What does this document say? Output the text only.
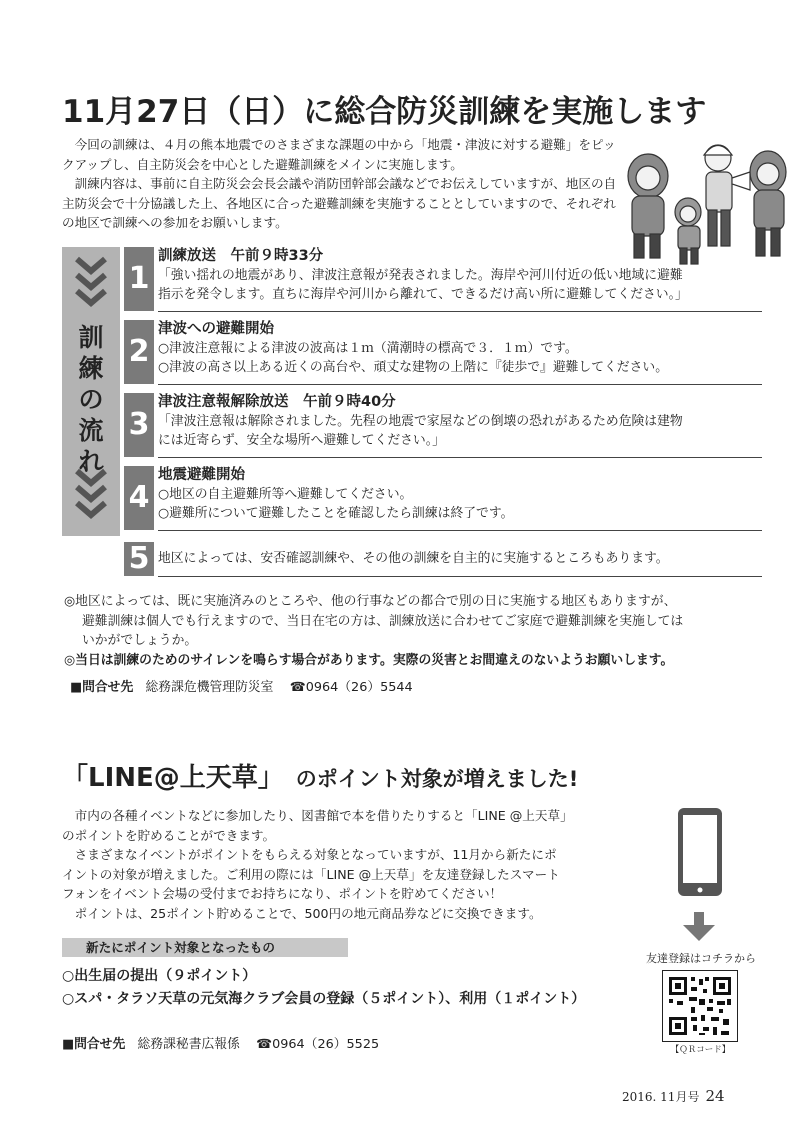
11月27日（日）に総合防災訓練を実施します

今回の訓練は、４月の熊本地震でのさまざまな課題の中から「地震・津波に対する避難」をピックアップし、自主防災会を中心とした避難訓練をメインに実施します。

訓練内容は、事前に自主防災会会長会議や消防団幹部会議などでお伝えしていますが、地区の自主防災会で十分協議した上、各地区に合った避難訓練を実施することとしていますので、それぞれの地区で訓練への参加をお願いします。

訓
練
の
流
れ
1
訓練放送　午前９時33分
「強い揺れの地震があり、津波注意報が発表されました。海岸や河川付近の低い地域に避難
指示を発令します。直ちに海岸や河川から離れて、できるだけ高い所に避難してください。」
2
津波への避難開始
○津波注意報による津波の波高は１ｍ（満潮時の標高で３．１ｍ）です。
○津波の高さ以上ある近くの高台や、頑丈な建物の上階に『徒歩で』避難してください。
3
津波注意報解除放送　午前９時40分
「津波注意報は解除されました。先程の地震で家屋などの倒壊の恐れがあるため危険は建物
には近寄らず、安全な場所へ避難してください。」
4
地震避難開始
○地区の自主避難所等へ避難してください。
○避難所について避難したことを確認したら訓練は終了です。
5 地区によっては、安否確認訓練や、その他の訓練を自主的に実施するところもあります。

◎地区によっては、既に実施済みのところや、他の行事などの都合で別の日に実施する地区もありますが、

避難訓練は個人でも行えますので、当日在宅の方は、訓練放送に合わせてご家庭で避難訓練を実施しては

いかがでしょうか。

◎当日は訓練のためのサイレンを鳴らす場合があります。実際の災害とお間違えのないようお願いします。

■問合せ先 総務課危機管理防災室 ☎0964（26）5544
「LINE@上天草」 のポイント対象が増えました!

市内の各種イベントなどに参加したり、図書館で本を借りたりすると「LINE @上天草」

のポイントを貯めることができます。

さまざまなイベントがポイントをもらえる対象となっていますが、11月から新たにポ

イントの対象が増えました。ご利用の際には「LINE @上天草」を友達登録したスマート

フォンをイベント会場の受付までお持ちになり、ポイントを貯めてください！

ポイントは、25ポイント貯めることで、500円の地元商品券などに交換できます。

友達登録はコチラから
【ＱＲコード】
新たにポイント対象となったもの
○出生届の提出（９ポイント）
○スパ・タラソ天草の元気海クラブ会員の登録（５ポイント）、利用（１ポイント）
■問合せ先 総務課秘書広報係 ☎0964（26）5525
2016. 11月号 24
